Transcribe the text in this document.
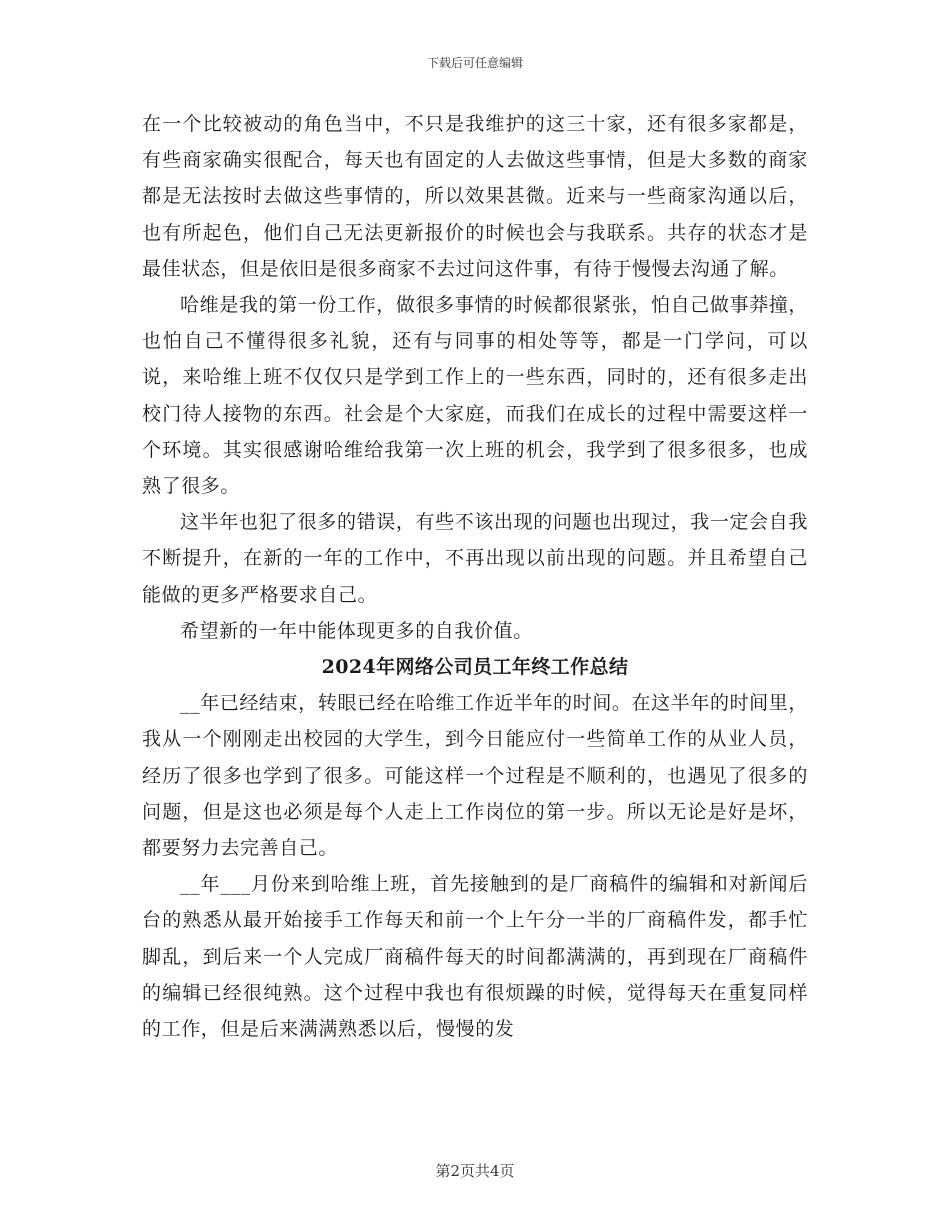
下载后可任意编辑

在一个比较被动的角色当中，不只是我维护的这三十家，还有很多家都是，有些商家确实很配合，每天也有固定的人去做这些事情，但是大多数的商家都是无法按时去做这些事情的，所以效果甚微。近来与一些商家沟通以后，也有所起色，他们自己无法更新报价的时候也会与我联系。共存的状态才是最佳状态，但是依旧是很多商家不去过问这件事，有待于慢慢去沟通了解。

哈维是我的第一份工作，做很多事情的时候都很紧张，怕自己做事莽撞，也怕自己不懂得很多礼貌，还有与同事的相处等等，都是一门学问，可以说，来哈维上班不仅仅只是学到工作上的一些东西，同时的，还有很多走出校门待人接物的东西。社会是个大家庭，而我们在成长的过程中需要这样一个环境。其实很感谢哈维给我第一次上班的机会，我学到了很多很多，也成熟了很多。

这半年也犯了很多的错误，有些不该出现的问题也出现过，我一定会自我不断提升，在新的一年的工作中，不再出现以前出现的问题。并且希望自己能做的更多严格要求自己。

希望新的一年中能体现更多的自我价值。

2024年网络公司员工年终工作总结

__年已经结束，转眼已经在哈维工作近半年的时间。在这半年的时间里，我从一个刚刚走出校园的大学生，到今日能应付一些简单工作的从业人员，经历了很多也学到了很多。可能这样一个过程是不顺利的，也遇见了很多的问题，但是这也必须是每个人走上工作岗位的第一步。所以无论是好是坏，都要努力去完善自己。

__年___月份来到哈维上班，首先接触到的是厂商稿件的编辑和对新闻后台的熟悉从最开始接手工作每天和前一个上午分一半的厂商稿件发，都手忙脚乱，到后来一个人完成厂商稿件每天的时间都满满的，再到现在厂商稿件的编辑已经很纯熟。这个过程中我也有很烦躁的时候，觉得每天在重复同样的工作，但是后来满满熟悉以后，慢慢的发

第2页共4页
